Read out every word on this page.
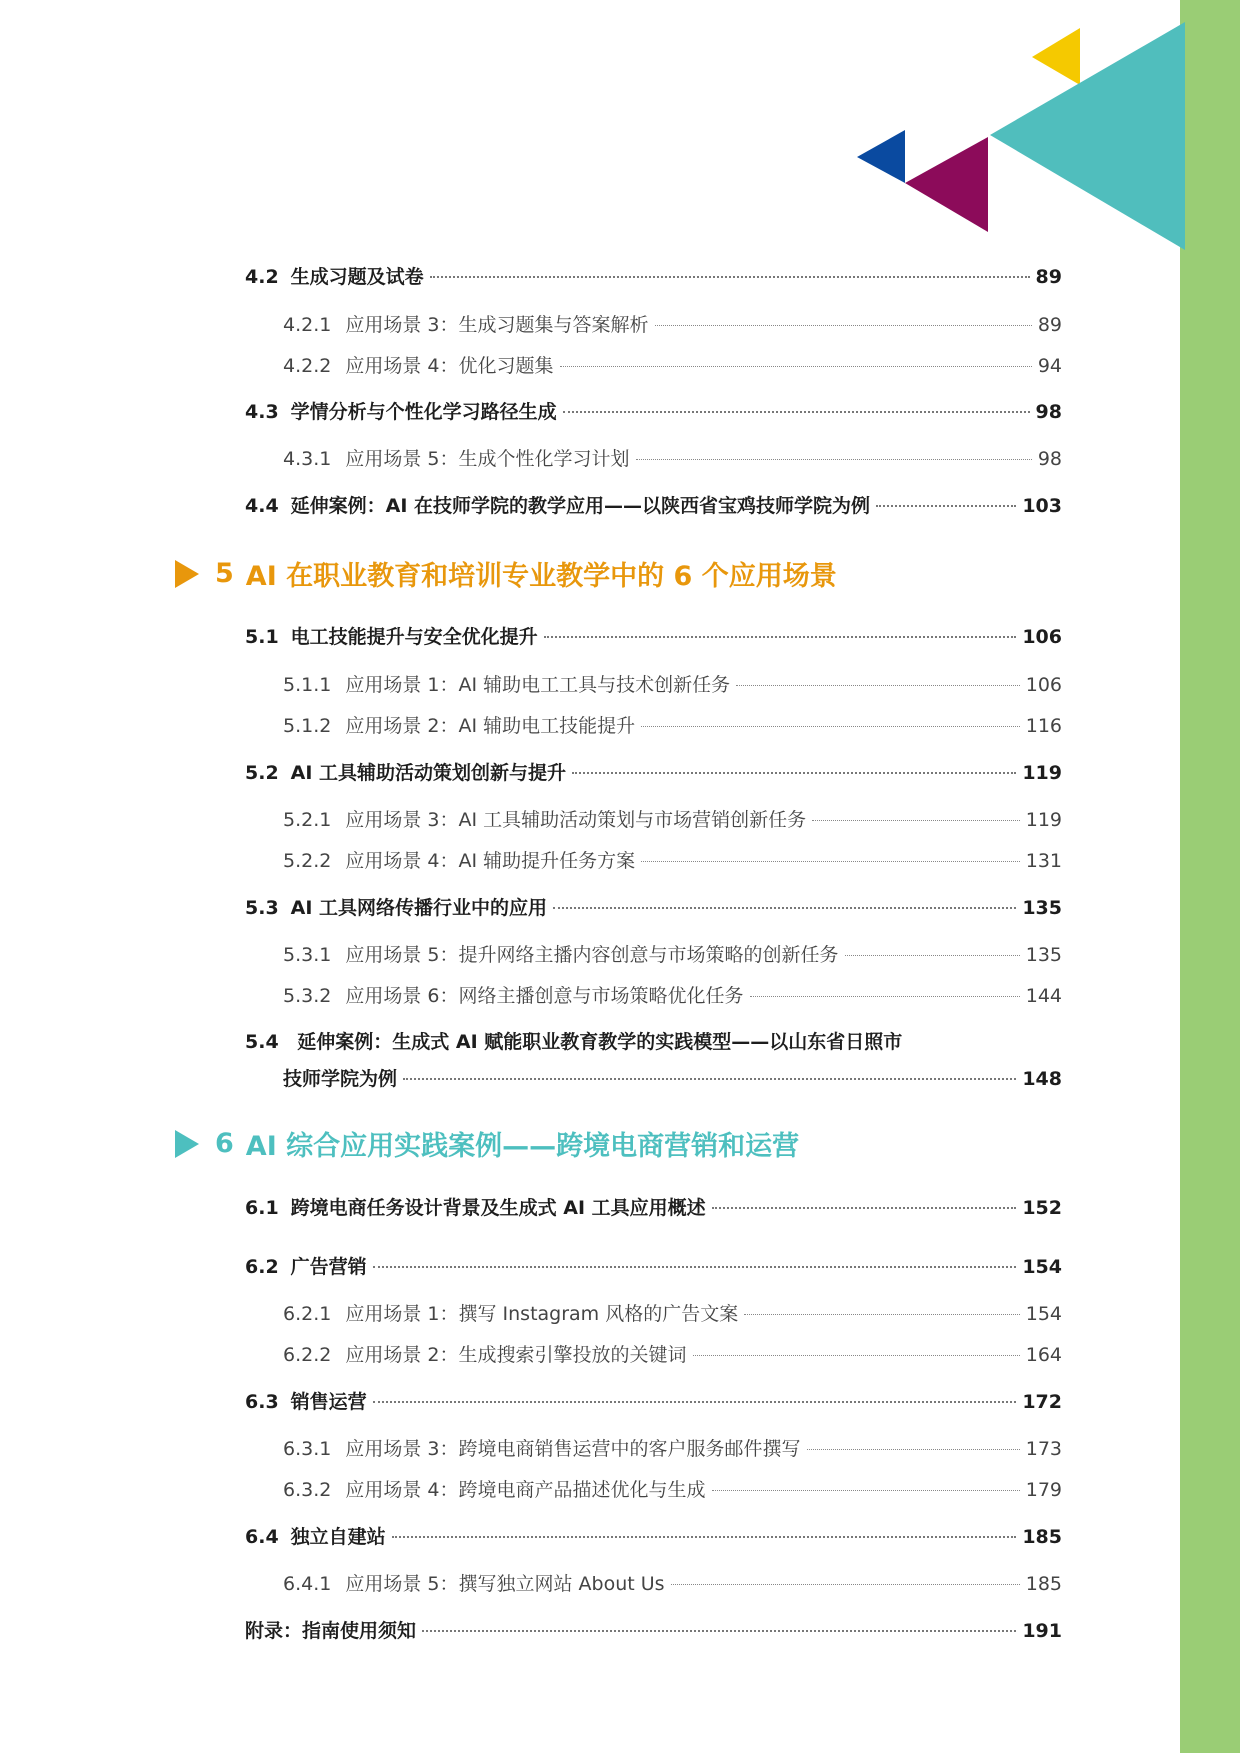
4.2 生成习题及试卷	89
4.2.1 应用场景 3：生成习题集与答案解析	89
4.2.2 应用场景 4：优化习题集	94
4.3 学情分析与个性化学习路径生成	98
4.3.1 应用场景 5：生成个性化学习计划	98
4.4 延伸案例：AI 在技师学院的教学应用——以陕西省宝鸡技师学院为例	103
5 AI 在职业教育和培训专业教学中的 6 个应用场景
5.1 电工技能提升与安全优化提升	106
5.1.1 应用场景 1：AI 辅助电工工具与技术创新任务	106
5.1.2 应用场景 2：AI 辅助电工技能提升	116
5.2 AI 工具辅助活动策划创新与提升	119
5.2.1 应用场景 3：AI 工具辅助活动策划与市场营销创新任务	119
5.2.2 应用场景 4：AI 辅助提升任务方案	131
5.3 AI 工具网络传播行业中的应用	135
5.3.1 应用场景 5：提升网络主播内容创意与市场策略的创新任务	135
5.3.2 应用场景 6：网络主播创意与市场策略优化任务	144
5.4 延伸案例：生成式 AI 赋能职业教育教学的实践模型——以山东省日照市
技师学院为例	148
6 AI 综合应用实践案例——跨境电商营销和运营
6.1 跨境电商任务设计背景及生成式 AI 工具应用概述	152
6.2 广告营销	154
6.2.1 应用场景 1：撰写 Instagram 风格的广告文案	154
6.2.2 应用场景 2：生成搜索引擎投放的关键词	164
6.3 销售运营	172
6.3.1 应用场景 3：跨境电商销售运营中的客户服务邮件撰写	173
6.3.2 应用场景 4：跨境电商产品描述优化与生成	179
6.4 独立自建站	185
6.4.1 应用场景 5：撰写独立网站 About Us	185
附录：指南使用须知	191
